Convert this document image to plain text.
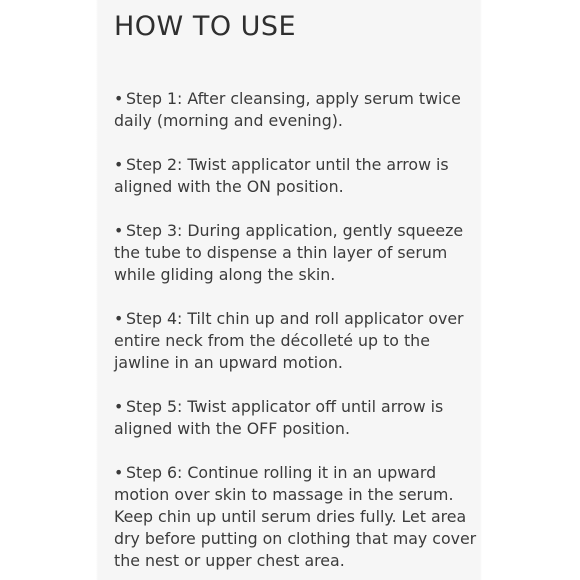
HOW TO USE
• Step 1: After cleansing, apply serum twice daily (morning and evening).
• Step 2: Twist applicator until the arrow is aligned with the ON position.
• Step 3: During application, gently squeeze the tube to dispense a thin layer of serum while gliding along the skin.
• Step 4: Tilt chin up and roll applicator over entire neck from the décolleté up to the jawline in an upward motion.
• Step 5: Twist applicator off until arrow is aligned with the OFF position.
• Step 6: Continue rolling it in an upward motion over skin to massage in the serum. Keep chin up until serum dries fully. Let area dry before putting on clothing that may cover the nest or upper chest area.
